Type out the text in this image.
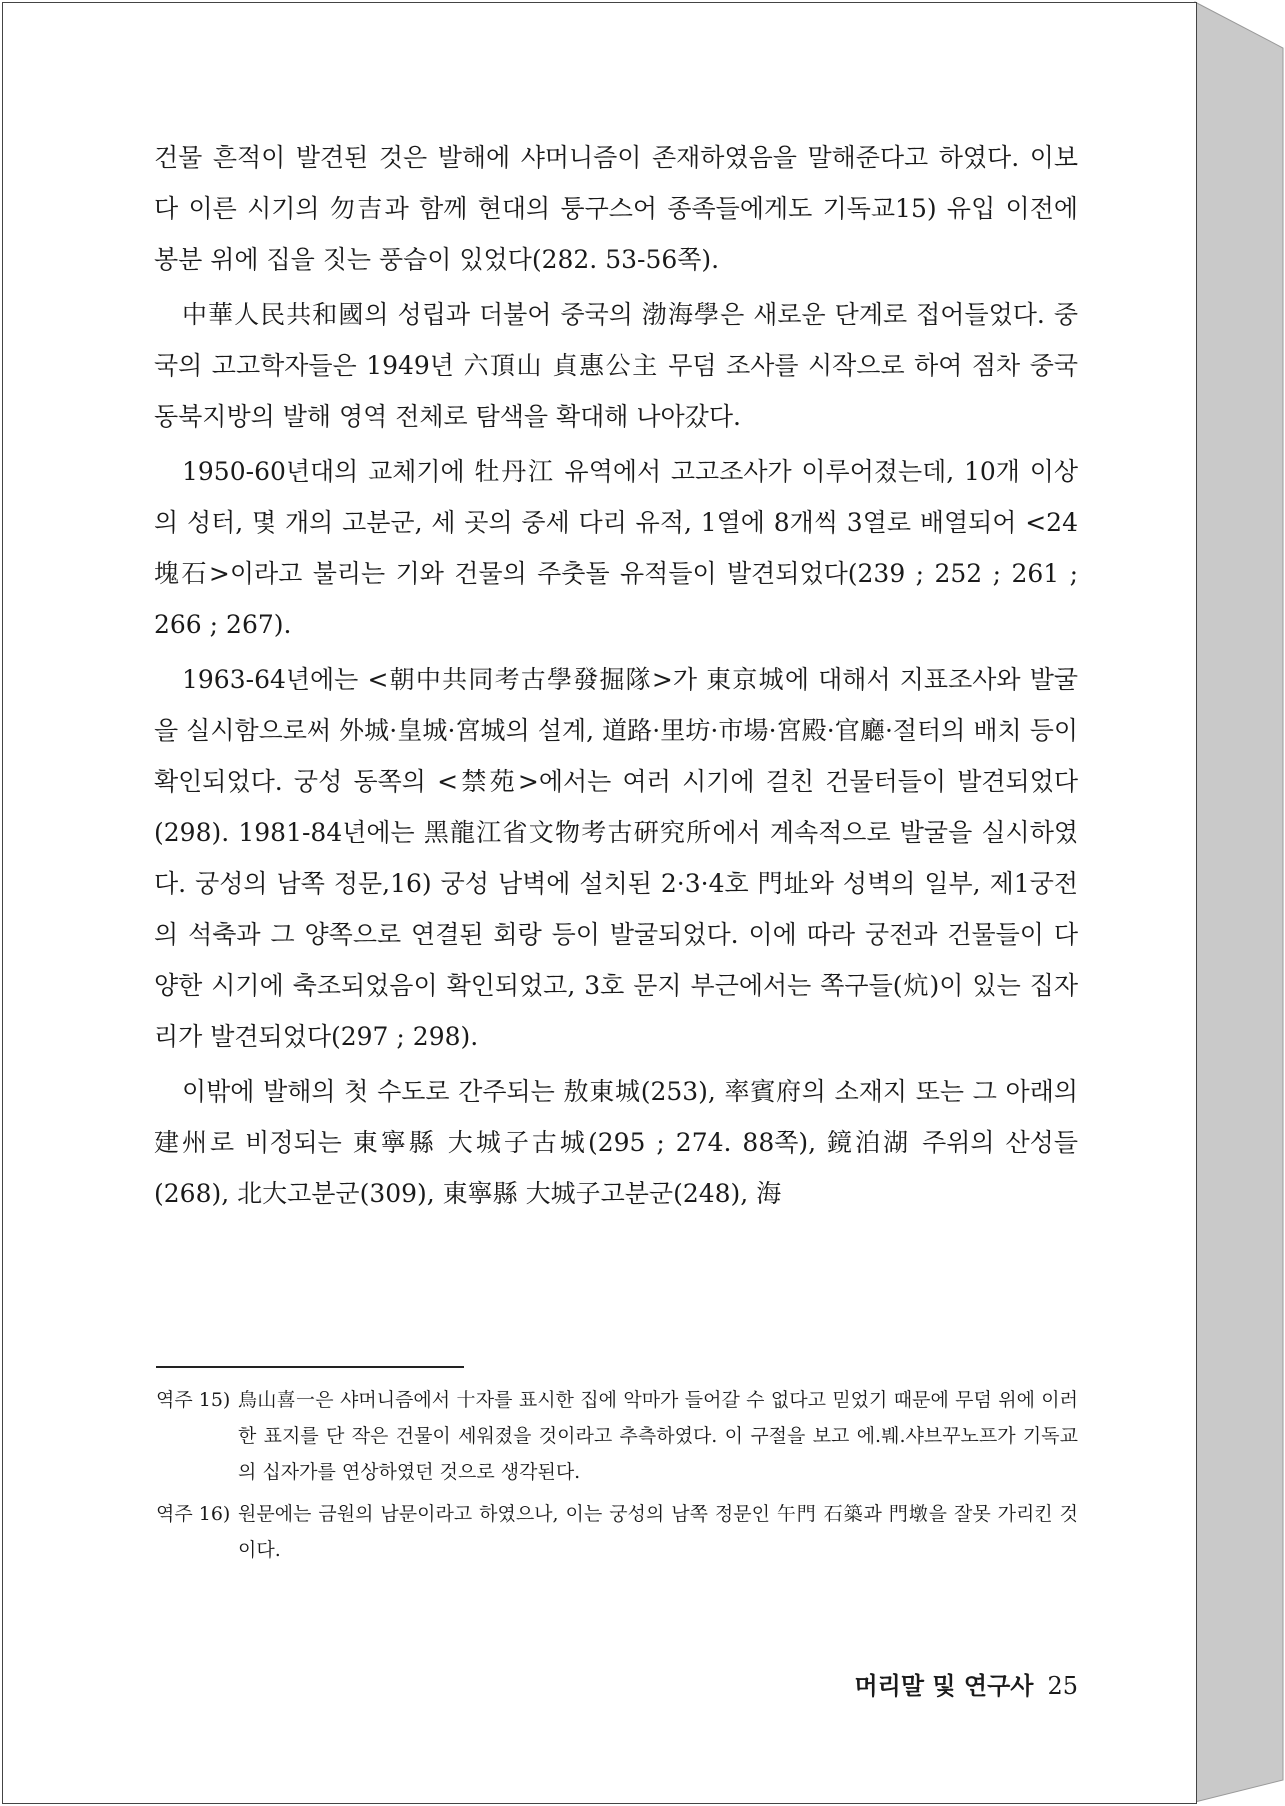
건물 흔적이 발견된 것은 발해에 샤머니즘이 존재하였음을 말해준다고 하였다. 이보다 이른 시기의 勿吉과 함께 현대의 퉁구스어 종족들에게도 기독교15) 유입 이전에 봉분 위에 집을 짓는 풍습이 있었다(282. 53-56쪽).

中華人民共和國의 성립과 더불어 중국의 渤海學은 새로운 단계로 접어들었다. 중국의 고고학자들은 1949년 六頂山 貞惠公主 무덤 조사를 시작으로 하여 점차 중국 동북지방의 발해 영역 전체로 탐색을 확대해 나아갔다.

1950-60년대의 교체기에 牡丹江 유역에서 고고조사가 이루어졌는데, 10개 이상의 성터, 몇 개의 고분군, 세 곳의 중세 다리 유적, 1열에 8개씩 3열로 배열되어 <24塊石>이라고 불리는 기와 건물의 주춧돌 유적들이 발견되었다(239 ; 252 ; 261 ; 266 ; 267).

1963-64년에는 <朝中共同考古學發掘隊>가 東京城에 대해서 지표조사와 발굴을 실시함으로써 外城·皇城·宮城의 설계, 道路·里坊·市場·宮殿·官廳·절터의 배치 등이 확인되었다. 궁성 동쪽의 <禁苑>에서는 여러 시기에 걸친 건물터들이 발견되었다(298). 1981-84년에는 黑龍江省文物考古硏究所에서 계속적으로 발굴을 실시하였다. 궁성의 남쪽 정문,16) 궁성 남벽에 설치된 2·3·4호 門址와 성벽의 일부, 제1궁전의 석축과 그 양쪽으로 연결된 회랑 등이 발굴되었다. 이에 따라 궁전과 건물들이 다양한 시기에 축조되었음이 확인되었고, 3호 문지 부근에서는 쪽구들(炕)이 있는 집자리가 발견되었다(297 ; 298).

이밖에 발해의 첫 수도로 간주되는 敖東城(253), 率賓府의 소재지 또는 그 아래의 建州로 비정되는 東寧縣 大城子古城(295 ; 274. 88쪽), 鏡泊湖 주위의 산성들(268), 北大고분군(309), 東寧縣 大城子고분군(248), 海

역주 15) 鳥山喜一은 샤머니즘에서 十자를 표시한 집에 악마가 들어갈 수 없다고 믿었기 때문에 무덤 위에 이러한 표지를 단 작은 건물이 세워졌을 것이라고 추측하였다. 이 구절을 보고 에.붸.샤브꾸노프가 기독교의 십자가를 연상하였던 것으로 생각된다.
역주 16) 원문에는 금원의 남문이라고 하였으나, 이는 궁성의 남쪽 정문인 午門 石築과 門墩을 잘못 가리킨 것이다.
머리말 및 연구사 25
